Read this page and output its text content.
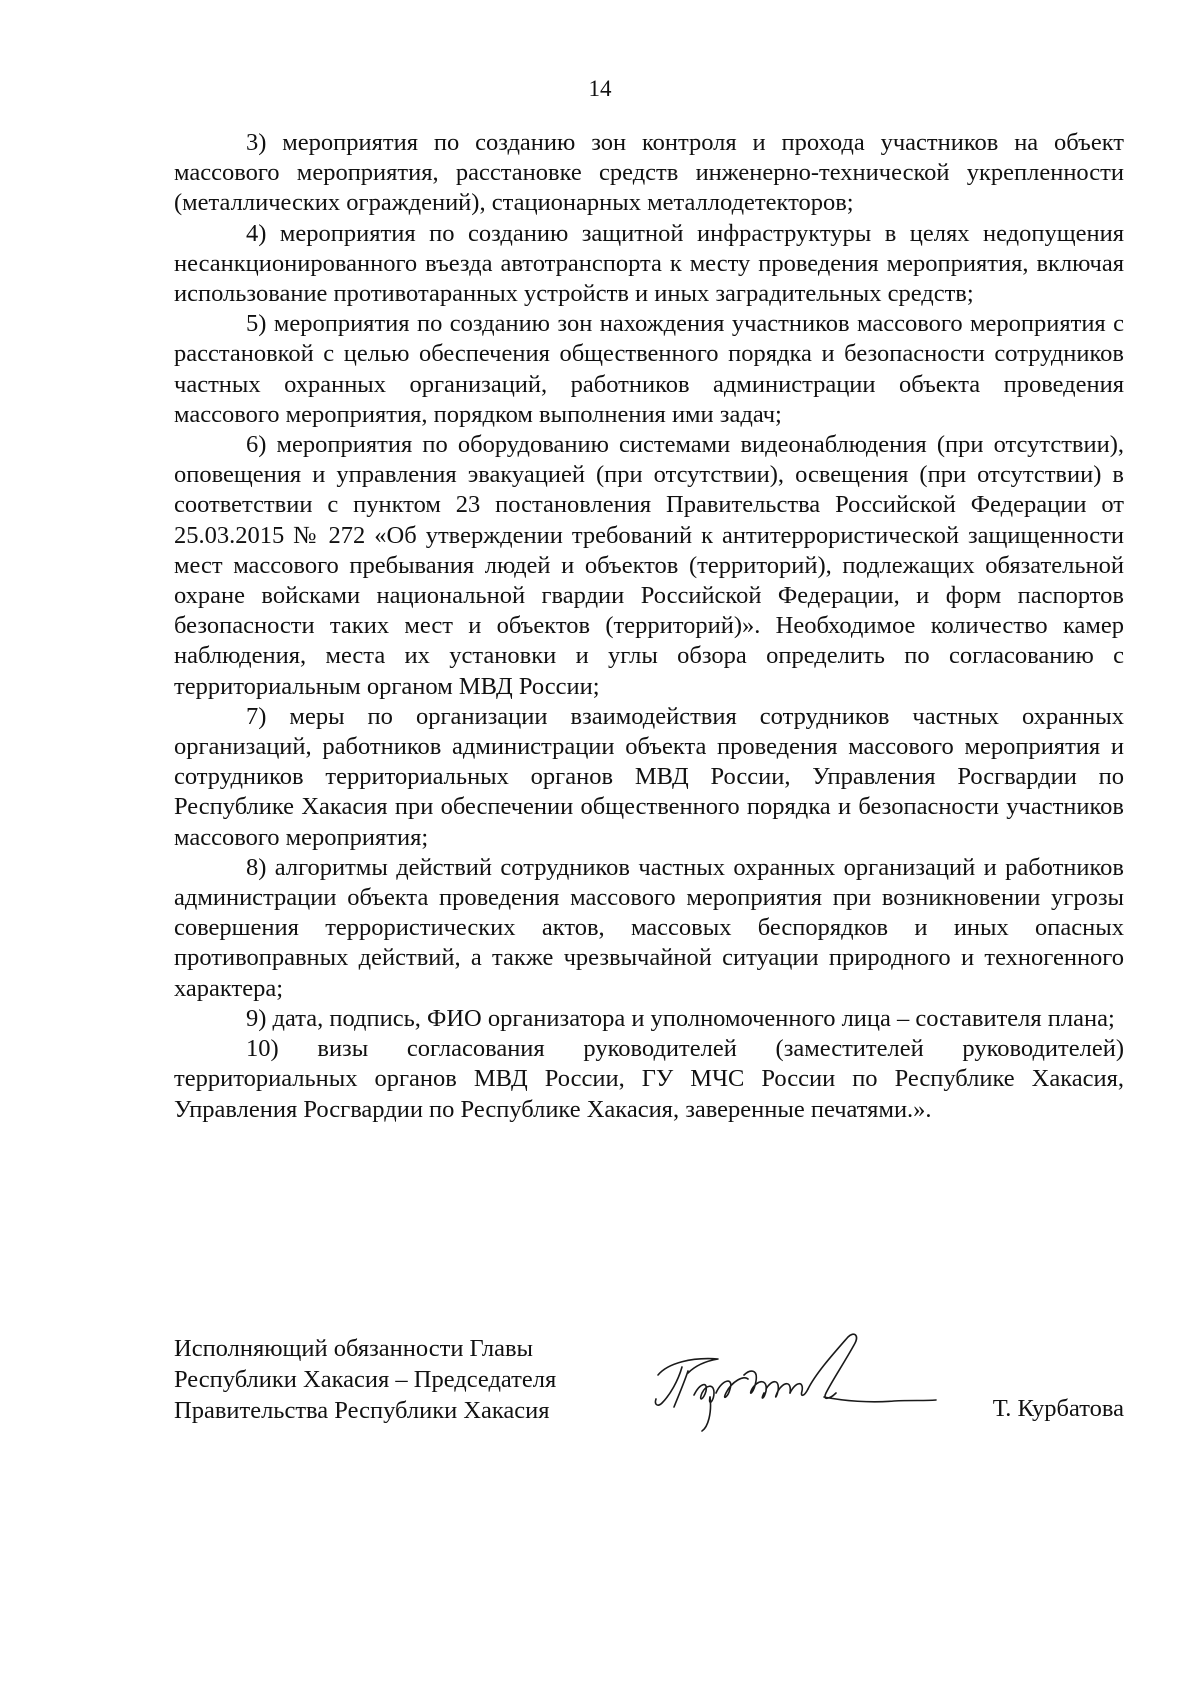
14

3) мероприятия по созданию зон контроля и прохода участников на объект массового мероприятия, расстановке средств инженерно-технической укрепленности (металлических ограждений), стационарных металлодетекторов;

4) мероприятия по созданию защитной инфраструктуры в целях недопущения несанкционированного въезда автотранспорта к месту проведения мероприятия, включая использование противотаранных устройств и иных заградительных средств;

5) мероприятия по созданию зон нахождения участников массового мероприятия с расстановкой с целью обеспечения общественного порядка и безопасности сотрудников частных охранных организаций, работников администрации объекта проведения массового мероприятия, порядком выполнения ими задач;

6) мероприятия по оборудованию системами видеонаблюдения (при отсутствии), оповещения и управления эвакуацией (при отсутствии), освещения (при отсутствии) в соответствии с пунктом 23 постановления Правительства Российской Федерации от 25.03.2015 № 272 «Об утверждении требований к антитеррористической защищенности мест массового пребывания людей и объектов (территорий), подлежащих обязательной охране войсками национальной гвардии Российской Федерации, и форм паспортов безопасности таких мест и объектов (территорий)». Необходимое количество камер наблюдения, места их установки и углы обзора определить по согласованию с территориальным органом МВД России;

7) меры по организации взаимодействия сотрудников частных охранных организаций, работников администрации объекта проведения массового мероприятия и сотрудников территориальных органов МВД России, Управления Росгвардии по Республике Хакасия при обеспечении общественного порядка и безопасности участников массового мероприятия;

8) алгоритмы действий сотрудников частных охранных организаций и работников администрации объекта проведения массового мероприятия при возникновении угрозы совершения террористических актов, массовых беспорядков и иных опасных противоправных действий, а также чрезвычайной ситуации природного и техногенного характера;

9) дата, подпись, ФИО организатора и уполномоченного лица – составителя плана;

10) визы согласования руководителей (заместителей руководителей) территориальных органов МВД России, ГУ МЧС России по Республике Хакасия, Управления Росгвардии по Республике Хакасия, заверенные печатями.».

Исполняющий обязанности Главы
Республики Хакасия – Председателя
Правительства Республики Хакасия	Т. Курбатова
